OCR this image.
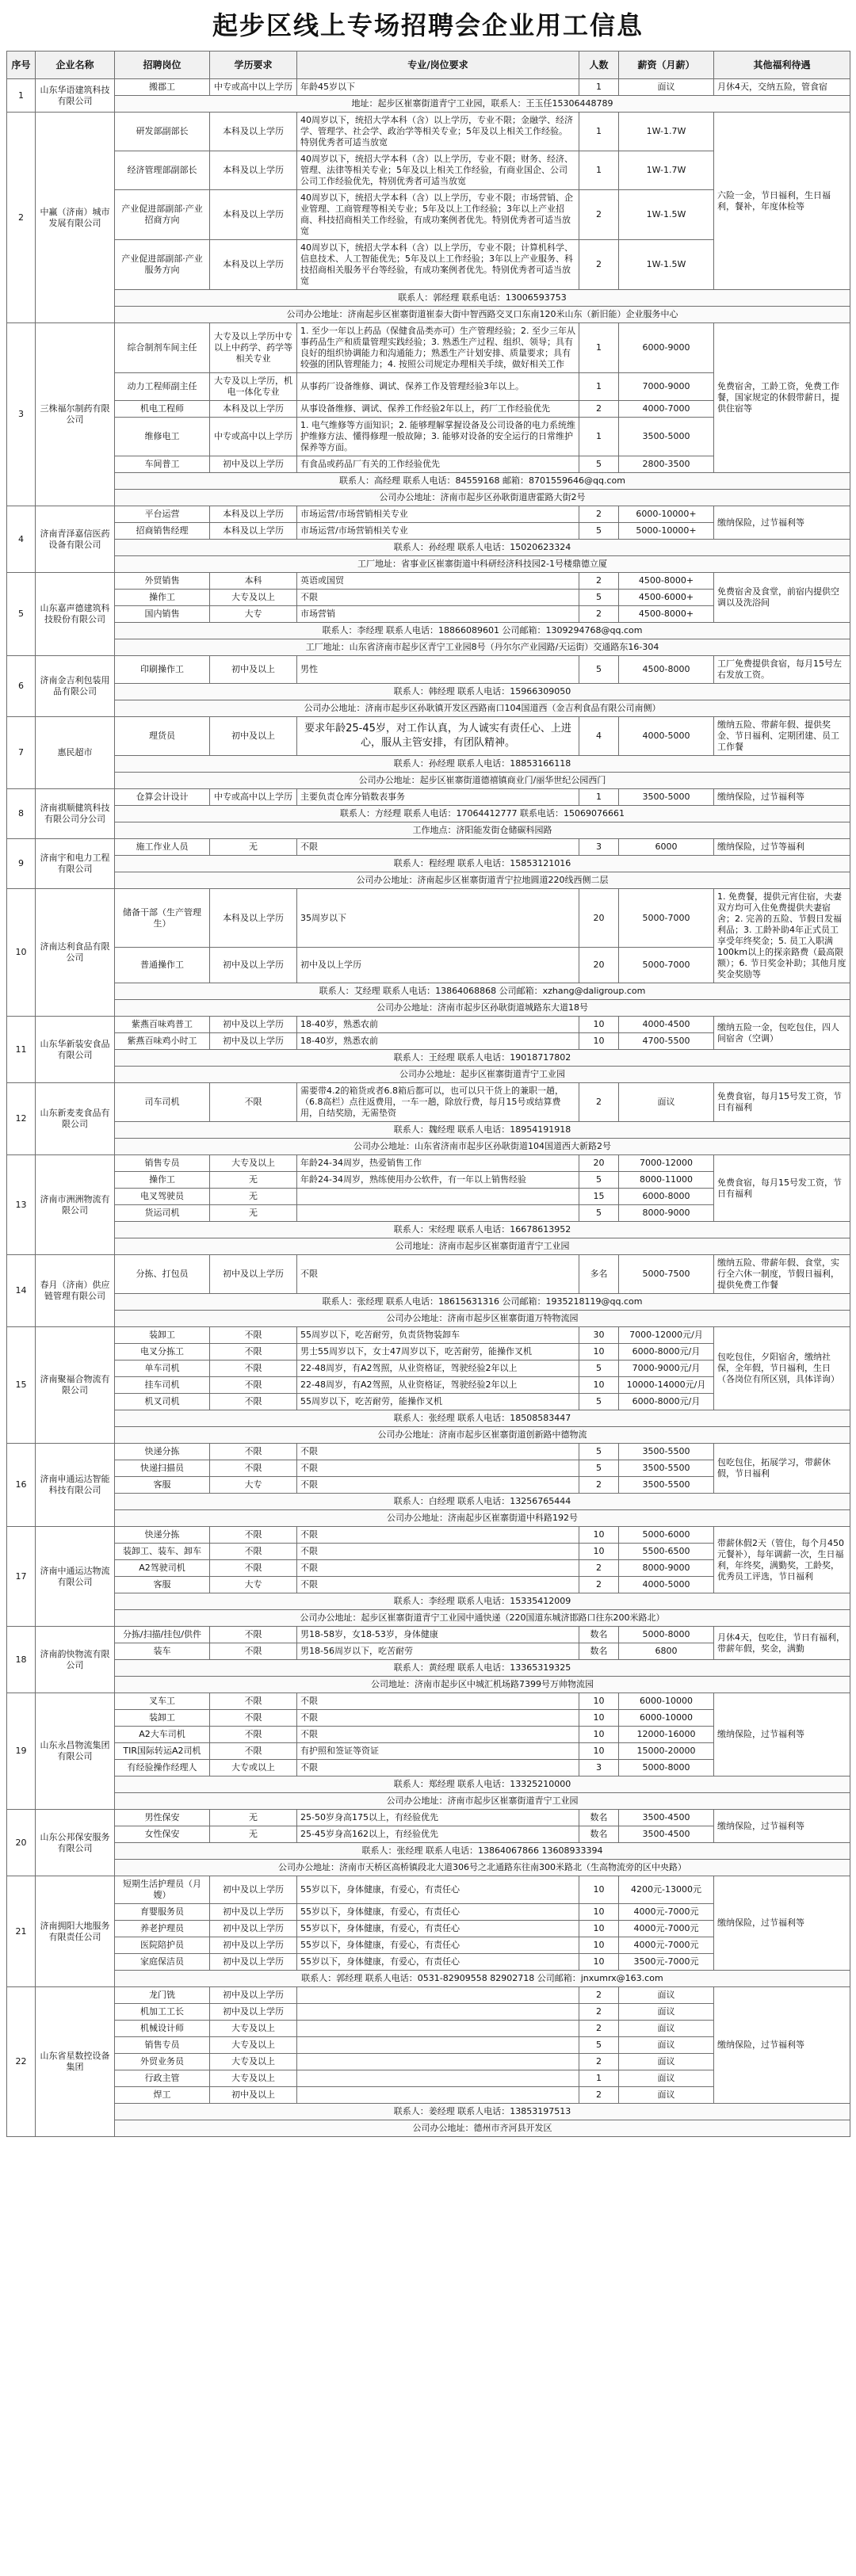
起步区线上专场招聘会企业用工信息
序号	企业名称	招聘岗位	学历要求	专业/岗位要求	人数	薪资（月薪）	其他福利待遇
1	山东华语建筑科技有限公司	搬郡工	中专或高中以上学历	年龄45岁以下	1	面议	月休4天，交纳五险，管食宿
		地址：起步区崔寨街道青宁工业园，联系人：王玉任15306448789					
2	中赢（济南）城市发展有限公司	研发部副部长	本科及以上学历	40周岁以下，统招大学本科（含）以上学历，专业不限；金融学、经济学、管理学、社会学、政治学等相关专业；5年及以上相关工作经验。特别优秀者可适当放宽	1	1W-1.7W	六险一金，节日福利，生日福利，餐补，年度体检等
		经济管理部副部长	本科及以上学历	40周岁以下，统招大学本科（含）以上学历，专业不限；财务、经济、管理、法律等相关专业；5年及以上相关工作经验，有商业国企、公司公司工作经验优先，特别优秀者可适当放宽	1	1W-1.7W	
		产业促进部副部·产业招商方向	本科及以上学历	40周岁以下，统招大学本科（含）以上学历，专业不限；市场营销、企业管理、工商管理等相关专业；5年及以上工作经验；3年以上产业招商、科技招商相关工作经验，有成功案例者优先。特别优秀者可适当放宽	2	1W-1.5W	
		产业促进部副部·产业服务方向	本科及以上学历	40周岁以下，统招大学本科（含）以上学历，专业不限；计算机科学、信息技术、人工智能优先；5年及以上工作经验；3年以上产业服务、科技招商相关服务平台等经验，有成功案例者优先。特别优秀者可适当放宽	2	1W-1.5W	
		联系人：郭经理 联系电话：13006593753					
		公司办公地址：济南起步区崔寨街道崔泰大街中智西路交叉口东南120米山东（新旧能）企业服务中心					
3	三株福尔制药有限公司	综合制剂车间主任	大专及以上学历中专以上中药学、药学等相关专业	1. 至少一年以上药品（保健食品类亦可）生产管理经验；2. 至少三年从事药品生产和质量管理实践经验；3. 熟悉生产过程、组织、领导；具有良好的组织协调能力和沟通能力；熟悉生产计划安排、质量要求；具有较强的团队管理能力；4. 按照公司规定办理相关手续，做好相关工作	1	6000-9000	免费宿舍，工龄工资，免费工作餐，国家规定的休假带薪日，提供住宿等
		动力工程师副主任	大专及以上学历，机电一体化专业	从事药厂设备维修、调试、保养工作及管理经验3年以上。	1	7000-9000	
		机电工程师	本科及以上学历	从事设备维修、调试、保养工作经验2年以上，药厂工作经验优先	2	4000-7000	
		维修电工	中专或高中以上学历	1. 电气维修等方面知识；2. 能够理解掌握设备及公司设备的电力系统维护维修方法、懂得修理一般故障；3. 能够对设备的安全运行的日常维护保养等方面。	1	3500-5000	
		车间普工	初中及以上学历	有食品或药品厂有关的工作经验优先	5	2800-3500	
		联系人：高经理 联系人电话：84559168 邮箱：8701559646@qq.com					
		公司办公地址：济南市起步区孙耿街道唐霍路大街2号					
4	济南青泽嘉信医药设备有限公司	平台运营	本科及以上学历	市场运营/市场营销相关专业	2	6000-10000+	缴纳保险，过节福利等
		招商销售经理	本科及以上学历	市场运营/市场营销相关专业	5	5000-10000+	
		联系人：孙经理 联系人电话：15020623324					
		工厂地址：省事业区崔寨街道中科研经济科技园2-1号楼鼎德立厦					
5	山东嘉声德建筑科技股份有限公司	外贸销售	本科	英语或国贸	2	4500-8000+	免费宿舍及食堂，前宿内提供空调以及洗浴间
		操作工	大专及以上	不限	5	4500-6000+	
		国内销售	大专	市场营销	2	4500-8000+	
		联系人：李经理 联系人电话：18866089601 公司邮箱：1309294768@qq.com					
		工厂地址：山东省济南市起步区青宁工业园8号（丹尔尔产业园路/天运街）交通路东16-304					
6	济南金吉利包装用品有限公司	印刷操作工	初中及以上	男性	5	4500-8000	工厂免费提供食宿，每月15号左右发放工资。
		联系人：韩经理 联系人电话：15966309050					
		公司办公地址：济南市起步区孙耿镇开发区西路南口104国道西（金吉利食品有限公司南侧）					
7	惠民超市	理货员	初中及以上	要求年龄25-45岁，对工作认真，为人诚实有责任心、上进心，服从主管安排，有团队精神。	4	4000-5000	缴纳五险、带薪年假、提供奖金、节日福利、定期团建、员工工作餐
		联系人：孙经理 联系人电话：18853166118					
		公司办公地址：起步区崔寨街道德禧镇商业门/丽华世纪公园西门					
8	济南祺顺健筑科技有限公司分公司	仓算会计设计	中专或高中以上学历	主要负责仓库分销数表事务	1	3500-5000	缴纳保险，过节福利等
		联系人：方经理 联系人电话：17064412777 联系电话：15069076661					
		工作地点：济阳能发街仓储碳科园路					
9	济南宇和电力工程有限公司	施工作业人员	无	不限	3	6000	缴纳保险，过节等福利
		联系人：程经理 联系人电话：15853121016					
		公司办公地址：济南起步区崔寨街道青宁拉地圆道220线西侧二层					
10	济南达利食品有限公司	储备干部（生产管理生）	本科及以上学历	35周岁以下	20	5000-7000	1. 免费餐，提供元宵住宿，夫妻双方均可入住免费提供夫妻宿舍；2. 完善的五险、节假日发福利品；3. 工龄补助4年正式员工享受年终奖金；5. 员工入职满100km以上的探亲路费（最高限额）；6. 节日奖金补助；其他月度奖金奖励等
		普通操作工	初中及以上学历	初中及以上学历	20	5000-7000	
		联系人：艾经理 联系人电话：13864068868 公司邮箱：xzhang@daligroup.com					
		公司办公地址：济南市起步区孙耿街道城路东大道18号					
11	山东华新装安食品有限公司	紫燕百味鸡普工	初中及以上学历	18-40岁，熟悉农前	10	4000-4500	缴纳五险一金，包吃包住，四人间宿舍（空调）
		紫燕百味鸡小时工	初中及以上学历	18-40岁，熟悉农前	10	4700-5500	
		联系人：王经理 联系人电话：19018717802					
		公司办公地址：起步区崔寨街道青宁工业园					
12	山东新麦麦食品有限公司	司车司机	不限	需要带4.2的箱货或者6.8箱后都可以，也可以只干货上的兼职一趟，（6.8高栏）点往返费用，一车一趟，除放行费，每月15号或结算费用，自结奖励，无需垫资	2	面议	免费食宿，每月15号发工资，节日有福利
		联系人：魏经理 联系人电话：18954191918					
		公司办公地址：山东省济南市起步区孙耿街道104国道西大新路2号					
13	济南市洲洲物流有限公司	销售专员	大专及以上	年龄24-34周岁，热爱销售工作	20	7000-12000	免费食宿，每月15号发工资，节日有福利
		操作工	无	年龄24-34周岁，熟练使用办公软件，有一年以上销售经验	5	8000-11000	
		电叉驾驶员	无		15	6000-8000	
		货运司机	无		5	8000-9000	
		联系人：宋经理 联系人电话：16678613952					
		公司地址：济南市起步区崔寨街道青宁工业园					
14	春月（济南）供应链管理有限公司	分拣、打包员	初中及以上学历	不限	多名	5000-7500	缴纳五险、带薪年假、食堂，实行全六休一制度，节假日福利，提供免费工作餐
		联系人：张经理 联系人电话：18615631316 公司邮箱：1935218119@qq.com					
		公司办公地址：济南市起步区崔寨街道万特物流园					
15	济南聚福合物流有限公司	装卸工	不限	55周岁以下，吃苦耐劳，负责货物装卸车	30	7000-12000元/月	包吃包住，夕阳宿舍，缴纳社保，全年假，节日福利，生日（各岗位有所区别，具体详询）
		电叉分拣工	不限	男士55周岁以下，女士47周岁以下，吃苦耐劳，能操作叉机	10	6000-8000元/月	
		单车司机	不限	22-48周岁，有A2驾照，从业资格证，驾驶经验2年以上	5	7000-9000元/月	
		挂车司机	不限	22-48周岁，有A2驾照，从业资格证，驾驶经验2年以上	10	10000-14000元/月	
		机叉司机	不限	55周岁以下，吃苦耐劳，能操作叉机	5	6000-8000元/月	
		联系人：张经理 联系人电话：18508583447					
		公司办公地址：济南市起步区崔寨街道创新路中德物流					
16	济南申通运达智能科技有限公司	快递分拣	不限	不限	5	3500-5500	包吃包住，拓展学习，带薪休假，节日福利
		快递扫描员	不限	不限	5	3500-5500	
		客服	大专	不限	2	3500-5500	
		联系人：白经理 联系人电话：13256765444					
		公司办公地址：济南起步区崔寨街道中科路192号					
17	济南中通运达物流有限公司	快递分拣	不限	不限	10	5000-6000	带薪休假2天（管住，每个月450元餐补），每年调薪一次，生日福利，年终奖，满勤奖，工龄奖，优秀员工评选，节日福利
		装卸工、装车、卸车	不限	不限	10	5500-6500	
		A2驾驶司机	不限	不限	2	8000-9000	
		客服	大专	不限	2	4000-5000	
		联系人：李经理 联系人电话：15335412009					
		公司办公地址：起步区崔寨街道青宁工业园中通快递（220国道东城济邯路口往东200米路北）					
18	济南韵快物流有限公司	分拣/扫描/挂包/供件	不限	男18-58岁，女18-53岁，身体健康	数名	5000-8000	月休4天，包吃住，节日有福利，带薪年假，奖金，满勤
		装车	不限	男18-56周岁以下，吃苦耐劳	数名	6800	
		联系人：黄经理 联系人电话：13365319325					
		公司地址：济南市起步区中城汇机场路7399号万帅物流园					
19	山东永昌物流集团有限公司	叉车工	不限	不限	10	6000-10000	缴纳保险，过节福利等
		装卸工	不限	不限	10	6000-10000	
		A2大车司机	不限	不限	10	12000-16000	
		TIR国际转运A2司机	不限	有护照和签证等资证	10	15000-20000	
		有经验操作经理人	大专或以上	不限	3	5000-8000	
		联系人：郑经理 联系人电话：13325210000					
		公司办公地址：济南市起步区崔寨街道青宁工业园					
20	山东公邦保安服务有限公司	男性保安	无	25-50岁身高175以上，有经验优先	数名	3500-4500	缴纳保险，过节福利等
		女性保安	无	25-45岁身高162以上，有经验优先	数名	3500-4500	
		联系人：张经理 联系人电话：13864067866 13608933394					
		公司办公地址：济南市天桥区高桥镇段北大道306号之北通路东往南300米路北（生高物流旁的区中央路）					
21	济南拥阳大地服务有限责任公司	短期生活护理员（月嫂）	初中及以上学历	55岁以下，身体健康，有爱心，有责任心	10	4200元-13000元	缴纳保险，过节福利等
		育婴服务员	初中及以上学历	55岁以下，身体健康，有爱心，有责任心	10	4000元-7000元	
		养老护理员	初中及以上学历	55岁以下，身体健康，有爱心，有责任心	10	4000元-7000元	
		医院陪护员	初中及以上学历	55岁以下，身体健康，有爱心，有责任心	10	4000元-7000元	
		家庭保洁员	初中及以上学历	55岁以下，身体健康，有爱心，有责任心	10	3500元-7000元	
		联系人：郭经理 联系人电话：0531-82909558 82902718 公司邮箱：jnxumrx@163.com					
22	山东省星数控设备集团	龙门铣	初中及以上学历		2	面议	缴纳保险，过节福利等
		机加工工长	初中及以上学历		2	面议	
		机械设计师	大专及以上		2	面议	
		销售专员	大专及以上		5	面议	
		外贸业务员	大专及以上		2	面议	
		行政主管	大专及以上		1	面议	
		焊工	初中及以上		2	面议	
		联系人：姜经理 联系人电话：13853197513					
		公司办公地址：德州市齐河县开发区					
